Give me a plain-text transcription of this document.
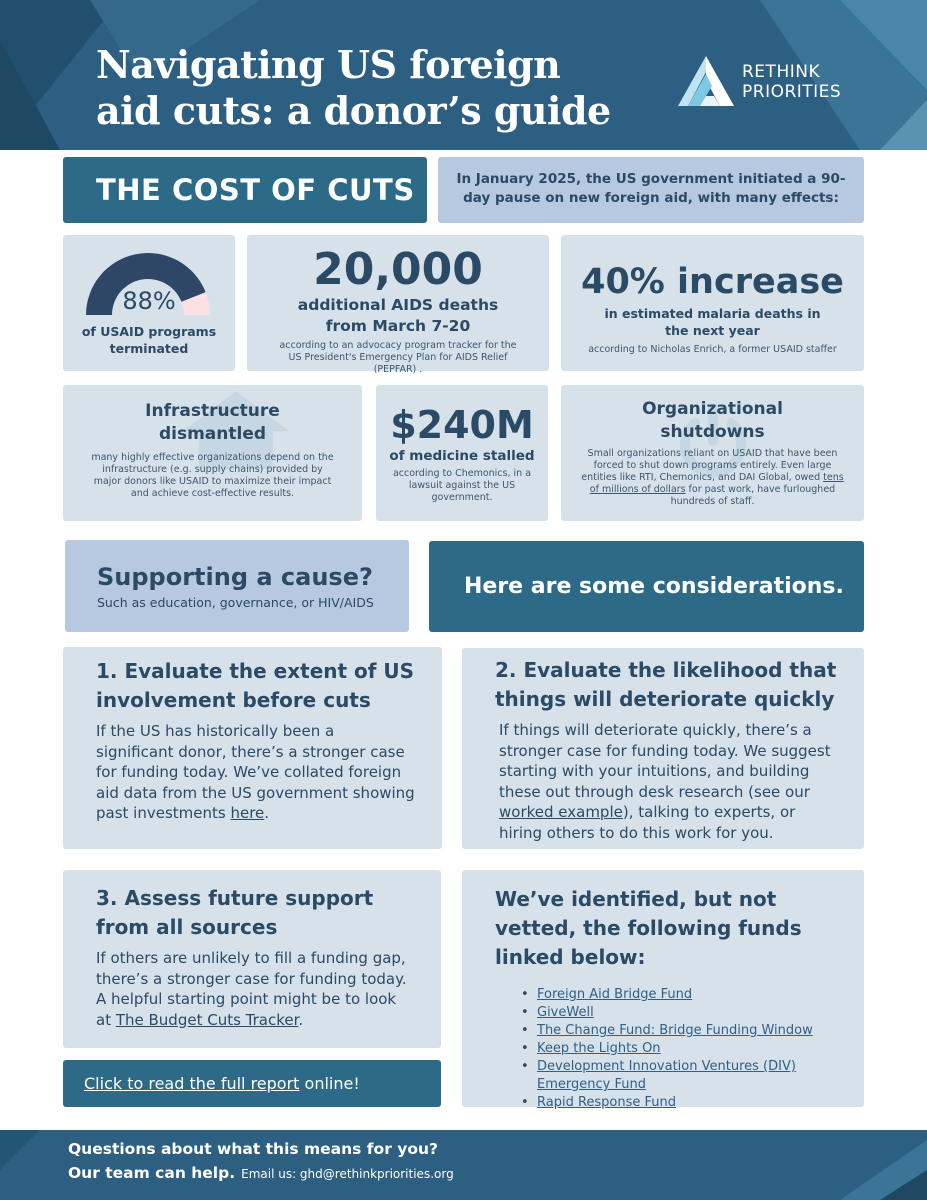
Navigating US foreign
aid cuts: a donor’s guide
RETHINK
PRIORITIES
THE COST OF CUTS	In January 2025, the US government initiated a 90-day pause on new foreign aid, with many effects:
88%
of USAID programs terminated
20,000
additional AIDS deaths
from March 7-20
according to an advocacy program tracker for the US President's Emergency Plan for AIDS Relief (PEPFAR) .
40% increase
in estimated malaria deaths in
the next year
according to Nicholas Enrich, a former USAID staffer
Infrastructure
dismantled
many highly effective organizations depend on the infrastructure (e.g. supply chains) provided by major donors like USAID to maximize their impact and achieve cost-effective results.
$240M
of medicine stalled
according to Chemonics, in a lawsuit against the US government.
Organizational
shutdowns
Small organizations reliant on USAID that have been forced to shut down programs entirely. Even large entities like RTI, Chemonics, and DAI Global, owed tens of millions of dollars for past work, have furloughed hundreds of staff.
Supporting a cause?
Such as education, governance, or HIV/AIDS
Here are some considerations.
1. Evaluate the extent of US involvement before cuts
If the US has historically been a significant donor, there’s a stronger case for funding today. We’ve collated foreign aid data from the US government showing past investments here.
2. Evaluate the likelihood that things will deteriorate quickly
If things will deteriorate quickly, there’s a stronger case for funding today. We suggest starting with your intuitions, and building these out through desk research (see our worked example), talking to experts, or hiring others to do this work for you.
3. Assess future support from all sources
If others are unlikely to fill a funding gap, there’s a stronger case for funding today. A helpful starting point might be to look at The Budget Cuts Tracker.
We’ve identified, but not vetted, the following funds linked below:
• Foreign Aid Bridge Fund
• GiveWell
• The Change Fund: Bridge Funding Window
• Keep the Lights On
• Development Innovation Ventures (DIV) Emergency Fund
• Rapid Response Fund
Click to read the full report online!
Questions about what this means for you?
Our team can help. Email us: ghd@rethinkpriorities.org
